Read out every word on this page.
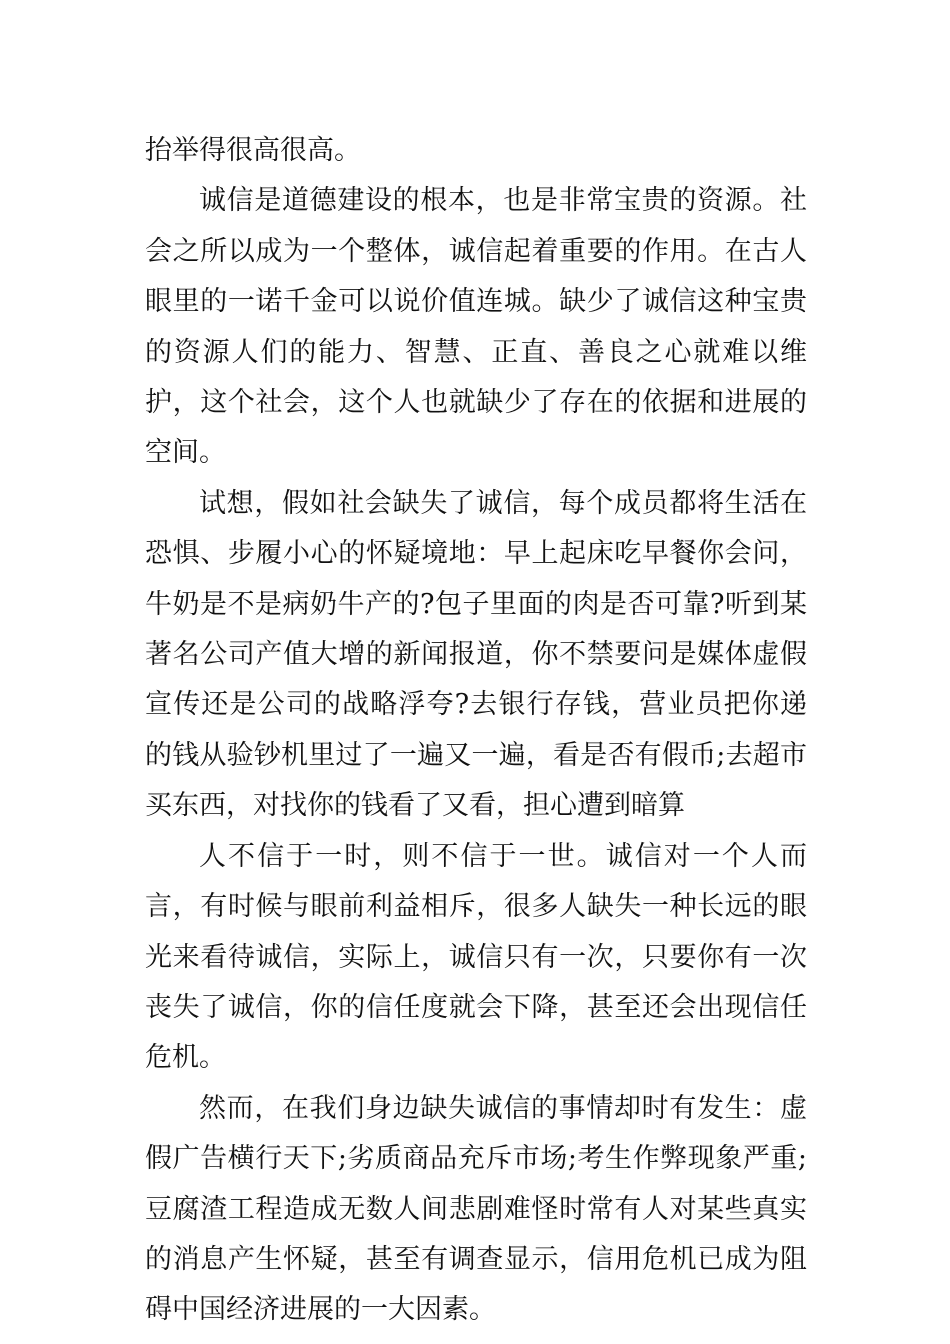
抬举得很高很高。

诚信是道德建设的根本，也是非常宝贵的资源。社会之所以成为一个整体，诚信起着重要的作用。在古人眼里的一诺千金可以说价值连城。缺少了诚信这种宝贵的资源人们的能力、智慧、正直、善良之心就难以维护，这个社会，这个人也就缺少了存在的依据和进展的空间。

试想，假如社会缺失了诚信，每个成员都将生活在恐惧、步履小心的怀疑境地：早上起床吃早餐你会问，牛奶是不是病奶牛产的?包子里面的肉是否可靠?听到某著名公司产值大增的新闻报道，你不禁要问是媒体虚假宣传还是公司的战略浮夸?去银行存钱，营业员把你递的钱从验钞机里过了一遍又一遍，看是否有假币;去超市买东西，对找你的钱看了又看，担心遭到暗算

人不信于一时，则不信于一世。诚信对一个人而言，有时候与眼前利益相斥，很多人缺失一种长远的眼光来看待诚信，实际上，诚信只有一次，只要你有一次丧失了诚信，你的信任度就会下降，甚至还会出现信任危机。

然而，在我们身边缺失诚信的事情却时有发生：虚假广告横行天下;劣质商品充斥市场;考生作弊现象严重;豆腐渣工程造成无数人间悲剧难怪时常有人对某些真实的消息产生怀疑，甚至有调查显示，信用危机已成为阻碍中国经济进展的一大因素。
